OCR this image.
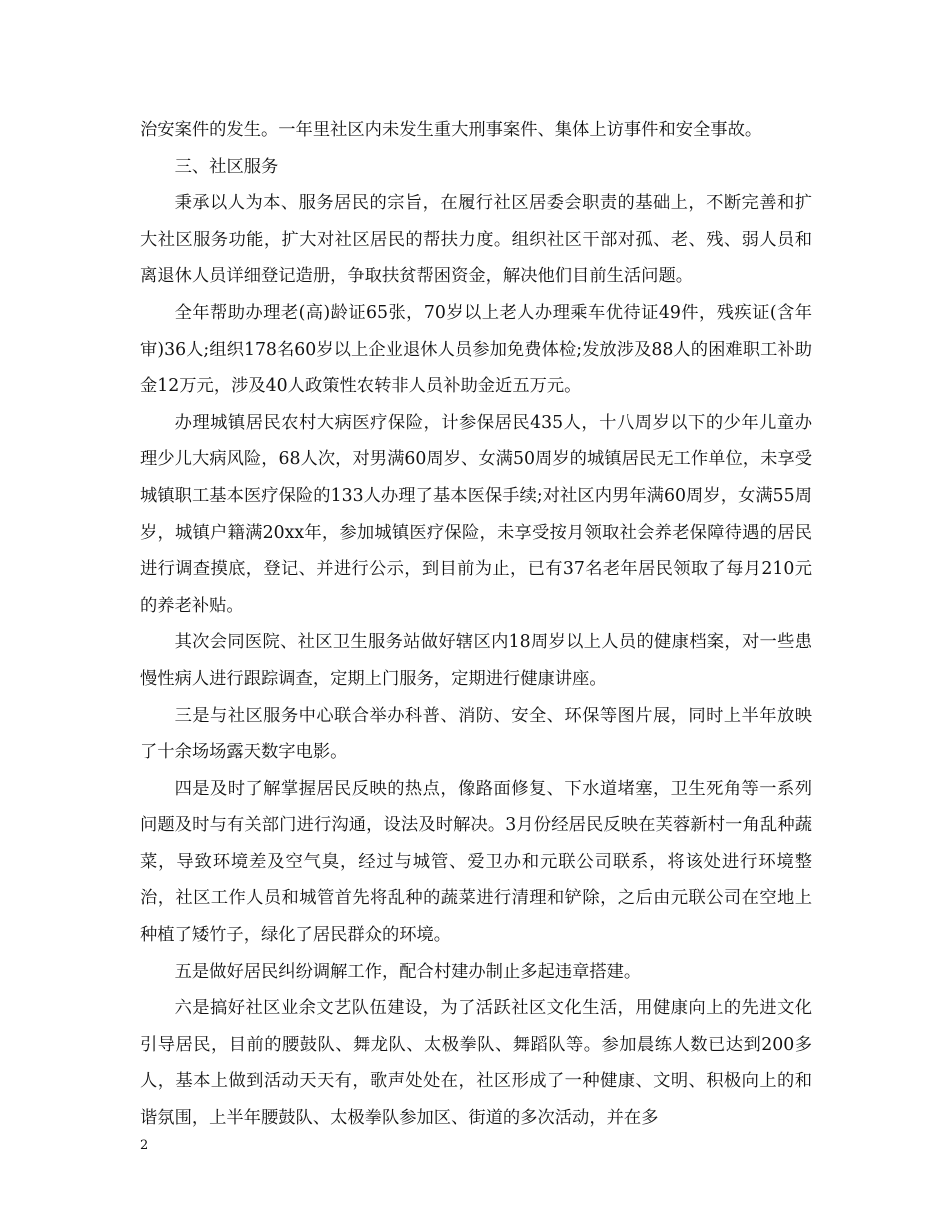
治安案件的发生。一年里社区内未发生重大刑事案件、集体上访事件和安全事故。

三、社区服务

秉承以人为本、服务居民的宗旨，在履行社区居委会职责的基础上，不断完善和扩大社区服务功能，扩大对社区居民的帮扶力度。组织社区干部对孤、老、残、弱人员和离退休人员详细登记造册，争取扶贫帮困资金，解决他们目前生活问题。

全年帮助办理老(高)龄证65张，70岁以上老人办理乘车优待证49件，残疾证(含年审)36人;组织178名60岁以上企业退休人员参加免费体检;发放涉及88人的困难职工补助金12万元，涉及40人政策性农转非人员补助金近五万元。

办理城镇居民农村大病医疗保险，计参保居民435人，十八周岁以下的少年儿童办理少儿大病风险，68人次，对男满60周岁、女满50周岁的城镇居民无工作单位，未享受城镇职工基本医疗保险的133人办理了基本医保手续;对社区内男年满60周岁，女满55周岁，城镇户籍满20xx年，参加城镇医疗保险，未享受按月领取社会养老保障待遇的居民进行调查摸底，登记、并进行公示，到目前为止，已有37名老年居民领取了每月210元的养老补贴。

其次会同医院、社区卫生服务站做好辖区内18周岁以上人员的健康档案，对一些患慢性病人进行跟踪调查，定期上门服务，定期进行健康讲座。

三是与社区服务中心联合举办科普、消防、安全、环保等图片展，同时上半年放映了十余场场露天数字电影。

四是及时了解掌握居民反映的热点，像路面修复、下水道堵塞，卫生死角等一系列问题及时与有关部门进行沟通，设法及时解决。3月份经居民反映在芙蓉新村一角乱种蔬菜，导致环境差及空气臭，经过与城管、爱卫办和元联公司联系，将该处进行环境整治，社区工作人员和城管首先将乱种的蔬菜进行清理和铲除，之后由元联公司在空地上种植了矮竹子，绿化了居民群众的环境。

五是做好居民纠纷调解工作，配合村建办制止多起违章搭建。

六是搞好社区业余文艺队伍建设，为了活跃社区文化生活，用健康向上的先进文化引导居民，目前的腰鼓队、舞龙队、太极拳队、舞蹈队等。参加晨练人数已达到200多人，基本上做到活动天天有，歌声处处在，社区形成了一种健康、文明、积极向上的和谐氛围，上半年腰鼓队、太极拳队参加区、街道的多次活动，并在多

2
